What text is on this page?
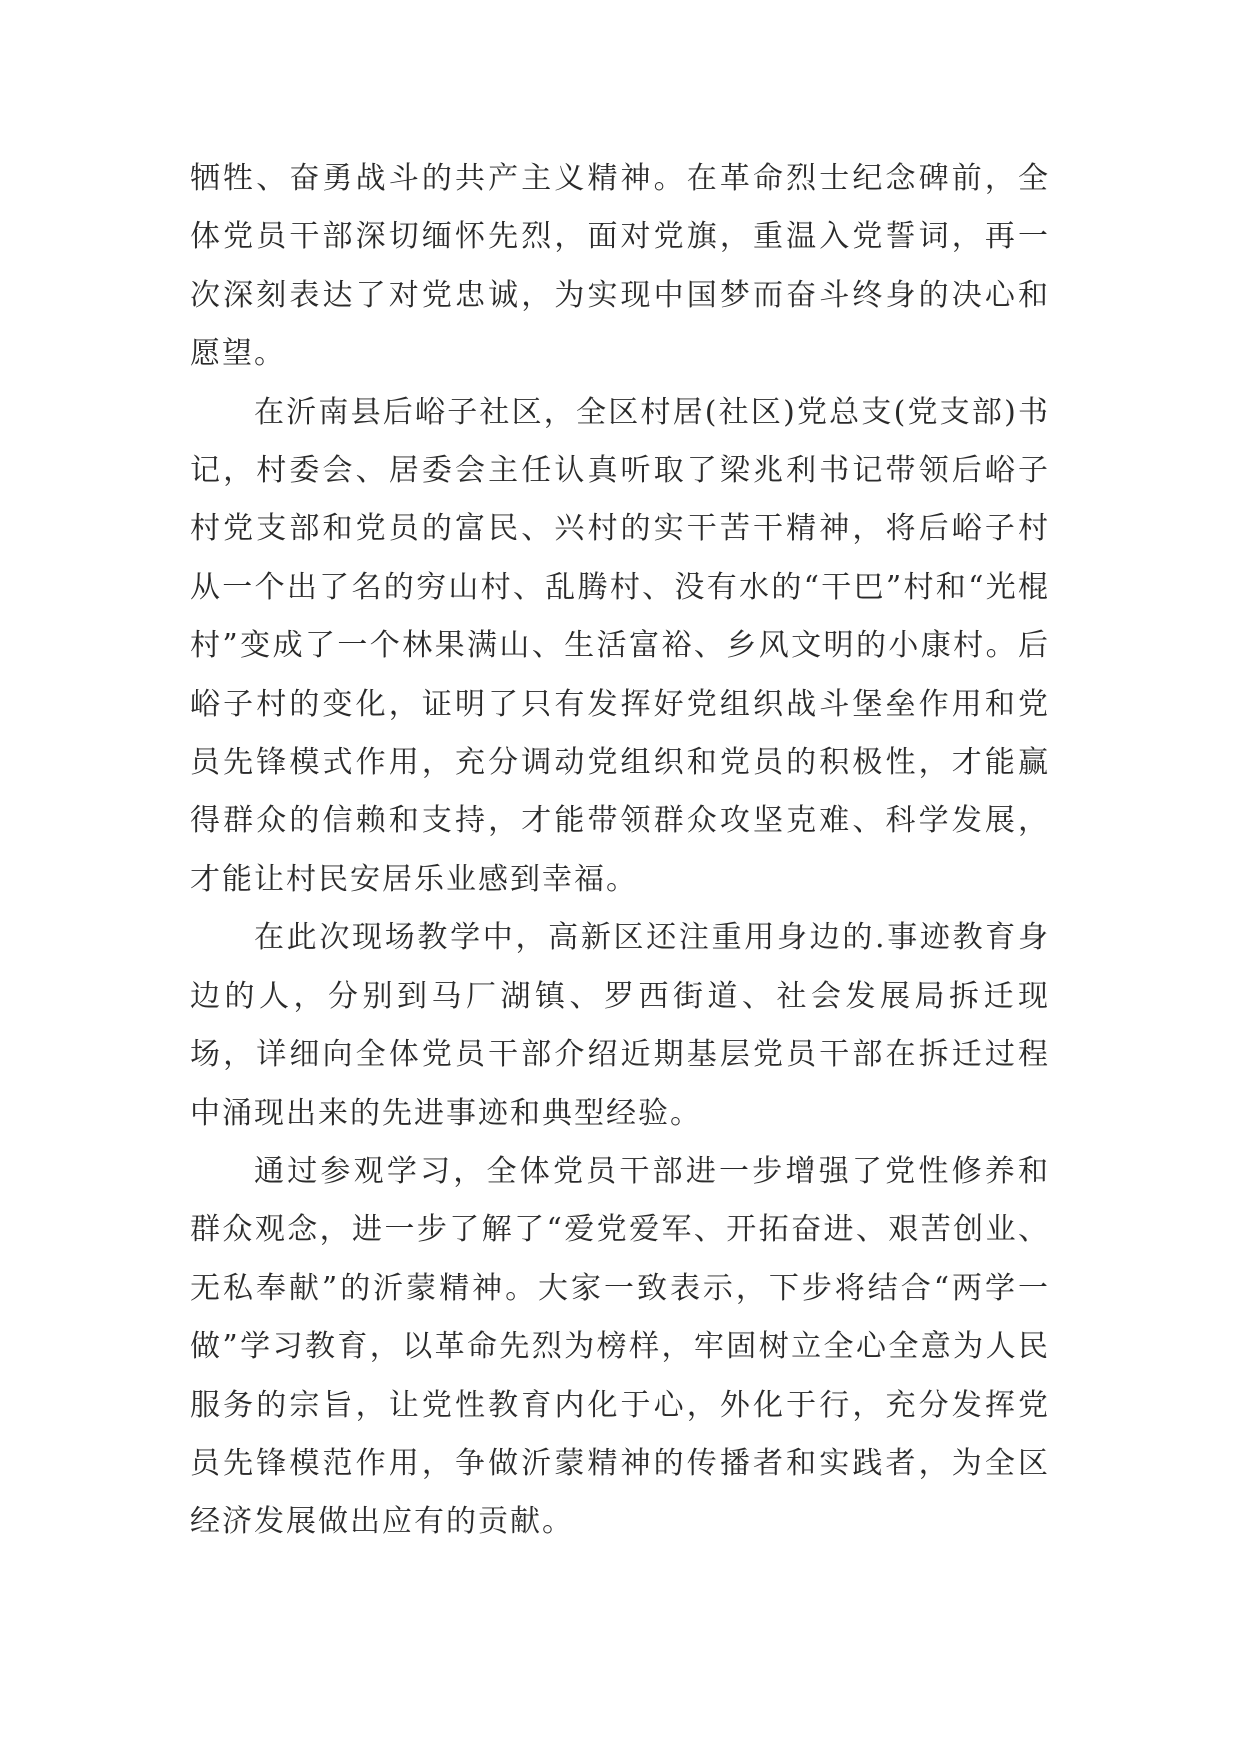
牺牲、奋勇战斗的共产主义精神。在革命烈士纪念碑前，全体党员干部深切缅怀先烈，面对党旗，重温入党誓词，再一次深刻表达了对党忠诚，为实现中国梦而奋斗终身的决心和愿望。

在沂南县后峪子社区，全区村居(社区)党总支(党支部)书记，村委会、居委会主任认真听取了梁兆利书记带领后峪子村党支部和党员的富民、兴村的实干苦干精神，将后峪子村从一个出了名的穷山村、乱腾村、没有水的“干巴”村和“光棍村”变成了一个林果满山、生活富裕、乡风文明的小康村。后峪子村的变化，证明了只有发挥好党组织战斗堡垒作用和党员先锋模式作用，充分调动党组织和党员的积极性，才能赢得群众的信赖和支持，才能带领群众攻坚克难、科学发展，才能让村民安居乐业感到幸福。

在此次现场教学中，高新区还注重用身边的.事迹教育身边的人，分别到马厂湖镇、罗西街道、社会发展局拆迁现场，详细向全体党员干部介绍近期基层党员干部在拆迁过程中涌现出来的先进事迹和典型经验。

通过参观学习，全体党员干部进一步增强了党性修养和群众观念，进一步了解了“爱党爱军、开拓奋进、艰苦创业、无私奉献”的沂蒙精神。大家一致表示，下步将结合“两学一做”学习教育，以革命先烈为榜样，牢固树立全心全意为人民服务的宗旨，让党性教育内化于心，外化于行，充分发挥党员先锋模范作用，争做沂蒙精神的传播者和实践者，为全区经济发展做出应有的贡献。
